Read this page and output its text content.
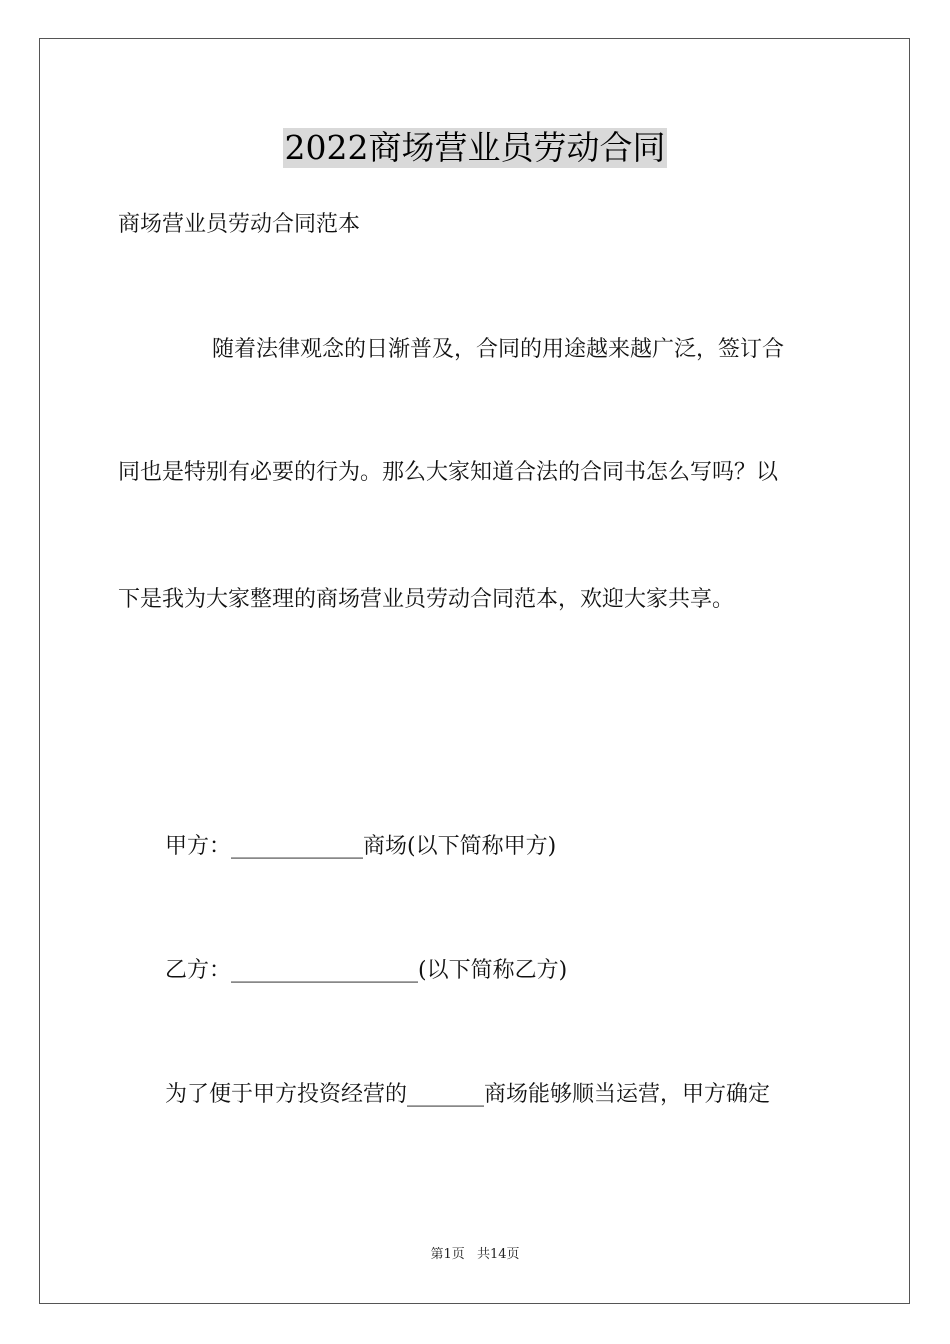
2022商场营业员劳动合同
商场营业员劳动合同范本
随着法律观念的日渐普及，合同的用途越来越广泛，签订合
同也是特别有必要的行为。那么大家知道合法的合同书怎么写吗？以
下是我为大家整理的商场营业员劳动合同范本，欢迎大家共享。
甲方：____________商场(以下简称甲方)
乙方：_________________(以下简称乙方)
为了便于甲方投资经营的_______商场能够顺当运营，甲方确定
第1页 共14页
